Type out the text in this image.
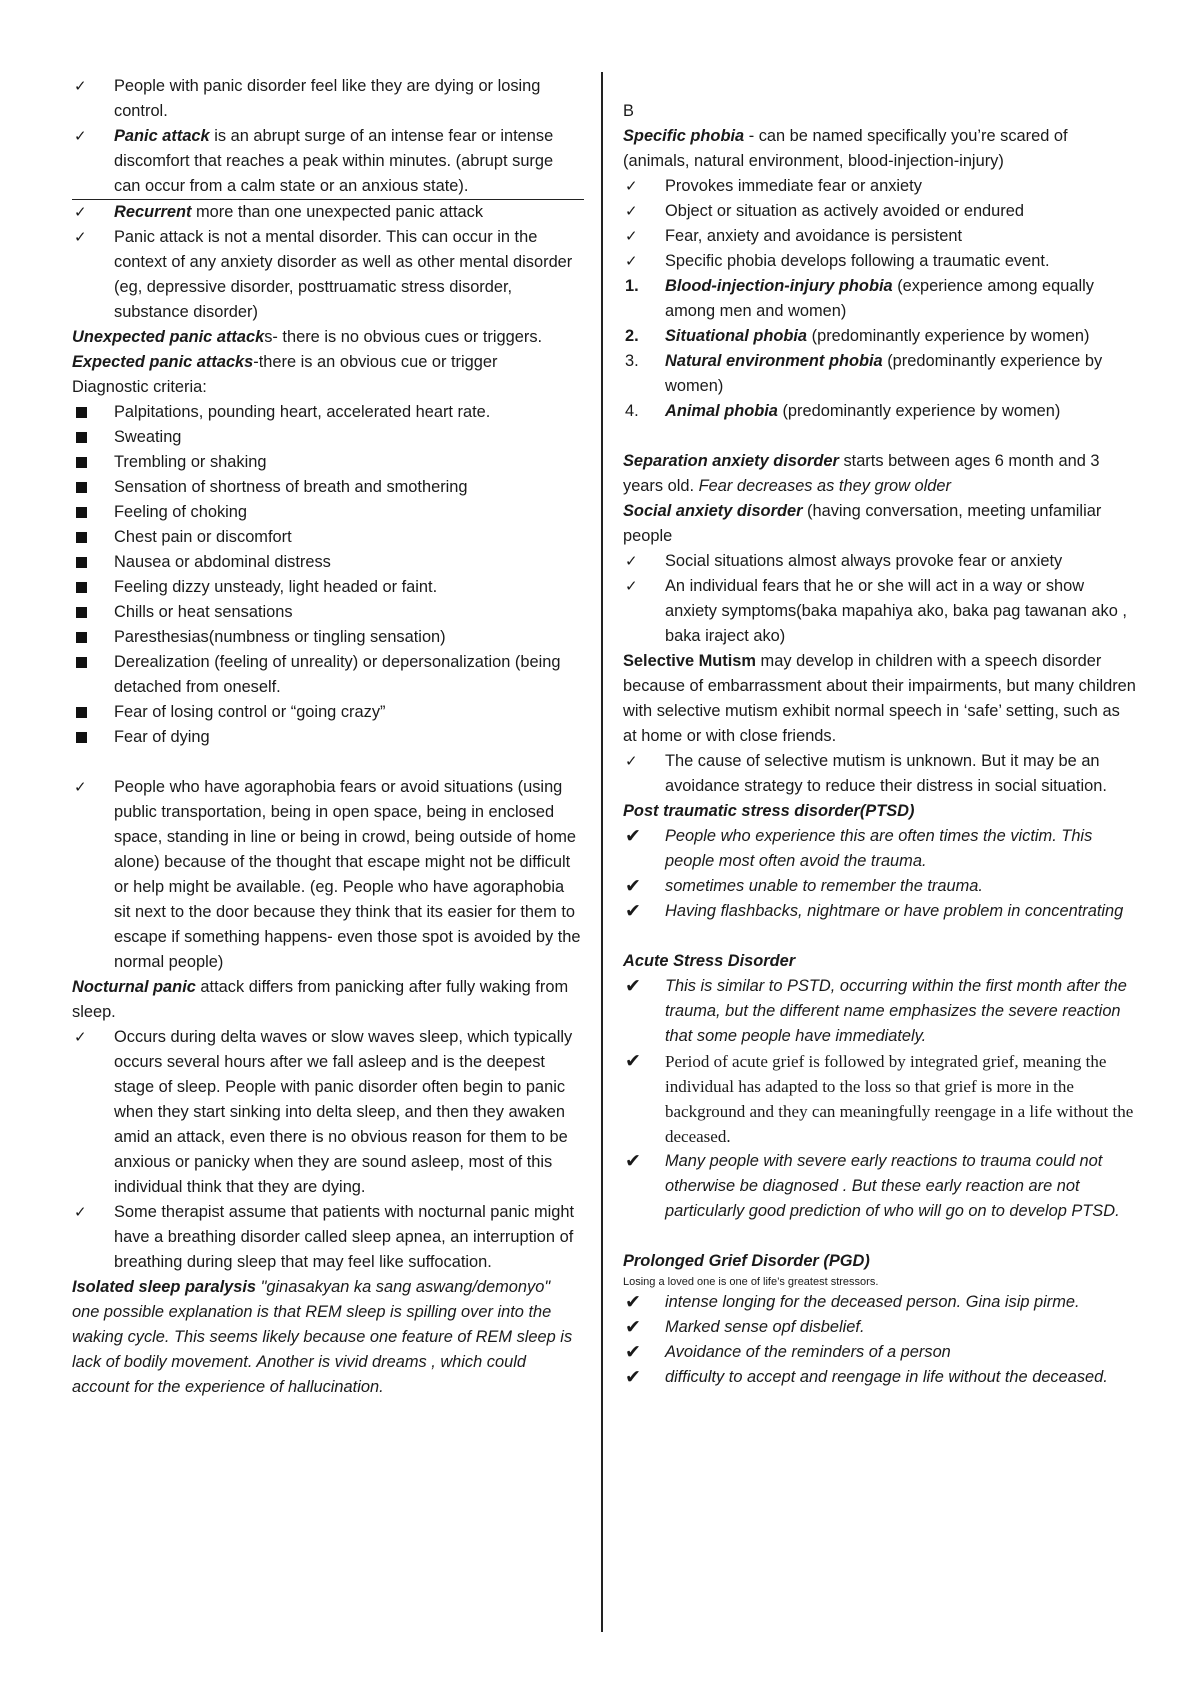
✓	People with panic disorder feel like they are dying or losing control.
✓	Panic attack is an abrupt surge of an intense fear or intense discomfort that reaches a peak within minutes. (abrupt surge can occur from a calm state or an anxious state).
✓	Recurrent more than one unexpected panic attack
✓	Panic attack is not a mental disorder. This can occur in the context of any anxiety disorder as well as other mental disorder (eg, depressive disorder, posttruamatic stress disorder, substance disorder)

Unexpected panic attacks- there is no obvious cues or triggers.

Expected panic attacks-there is an obvious cue or trigger

Diagnostic criteria:

Palpitations, pounding heart, accelerated heart rate.
Sweating
Trembling or shaking
Sensation of shortness of breath and smothering
Feeling of choking
Chest pain or discomfort
Nausea or abdominal distress
Feeling dizzy unsteady, light headed or faint.
Chills or heat sensations
Paresthesias(numbness or tingling sensation)
Derealization (feeling of unreality) or depersonalization (being detached from oneself.
Fear of losing control or “going crazy”
Fear of dying
✓	People who have agoraphobia fears or avoid situations (using public transportation, being in open space, being in enclosed space, standing in line or being in crowd, being outside of home alone) because of the thought that escape might not be difficult or help might be available. (eg. People who have agoraphobia sit next to the door because they think that its easier for them to escape if something happens- even those spot is avoided by the normal people)

Nocturnal panic attack differs from panicking after fully waking from sleep.

✓	Occurs during delta waves or slow waves sleep, which typically occurs several hours after we fall asleep and is the deepest stage of sleep. People with panic disorder often begin to panic when they start sinking into delta sleep, and then they awaken amid an attack, even there is no obvious reason for them to be anxious or panicky when they are sound asleep, most of this individual think that they are dying.
✓	Some therapist assume that patients with nocturnal panic might have a breathing disorder called sleep apnea, an interruption of breathing during sleep that may feel like suffocation.

Isolated sleep paralysis "ginasakyan ka sang aswang/demonyo" one possible explanation is that REM sleep is spilling over into the waking cycle. This seems likely because one feature of REM sleep is lack of bodily movement. Another is vivid dreams , which could account for the experience of hallucination.

B

Specific phobia - can be named specifically you’re scared of (animals, natural environment, blood-injection-injury)

✓	Provokes immediate fear or anxiety
✓	Object or situation as actively avoided or endured
✓	Fear, anxiety and avoidance is persistent
✓	Specific phobia develops following a traumatic event.
1.	Blood-injection-injury phobia (experience among equally among men and women)
2.	Situational phobia (predominantly experience by women)
3.	Natural environment phobia (predominantly experience by women)
4.	Animal phobia (predominantly experience by women)

Separation anxiety disorder starts between ages 6 month and 3 years old. Fear decreases as they grow older

Social anxiety disorder (having conversation, meeting unfamiliar people

✓	Social situations almost always provoke fear or anxiety
✓	An individual fears that he or she will act in a way or show anxiety symptoms(baka mapahiya ako, baka pag tawanan ako , baka iraject ako)

Selective Mutism may develop in children with a speech disorder because of embarrassment about their impairments, but many children with selective mutism exhibit normal speech in ‘safe’ setting, such as at home or with close friends.

✓	The cause of selective mutism is unknown. But it may be an avoidance strategy to reduce their distress in social situation.

Post traumatic stress disorder(PTSD)

✔	People who experience this are often times the victim. This people most often avoid the trauma.
✔	sometimes unable to remember the trauma.
✔	Having flashbacks, nightmare or have problem in concentrating

Acute Stress Disorder

✔	This is similar to PSTD, occurring within the first month after the trauma, but the different name emphasizes the severe reaction that some people have immediately.
✔	Period of acute grief is followed by integrated grief, meaning the individual has adapted to the loss so that grief is more in the background and they can meaningfully reengage in a life without the deceased.
✔	Many people with severe early reactions to trauma could not otherwise be diagnosed . But these early reaction are not particularly good prediction of who will go on to develop PTSD.

Prolonged Grief Disorder (PGD)

Losing a loved one is one of life’s greatest stressors.

✔	intense longing for the deceased person. Gina isip pirme.
✔	Marked sense opf disbelief.
✔	Avoidance of the reminders of a person
✔	difficulty to accept and reengage in life without the deceased.
